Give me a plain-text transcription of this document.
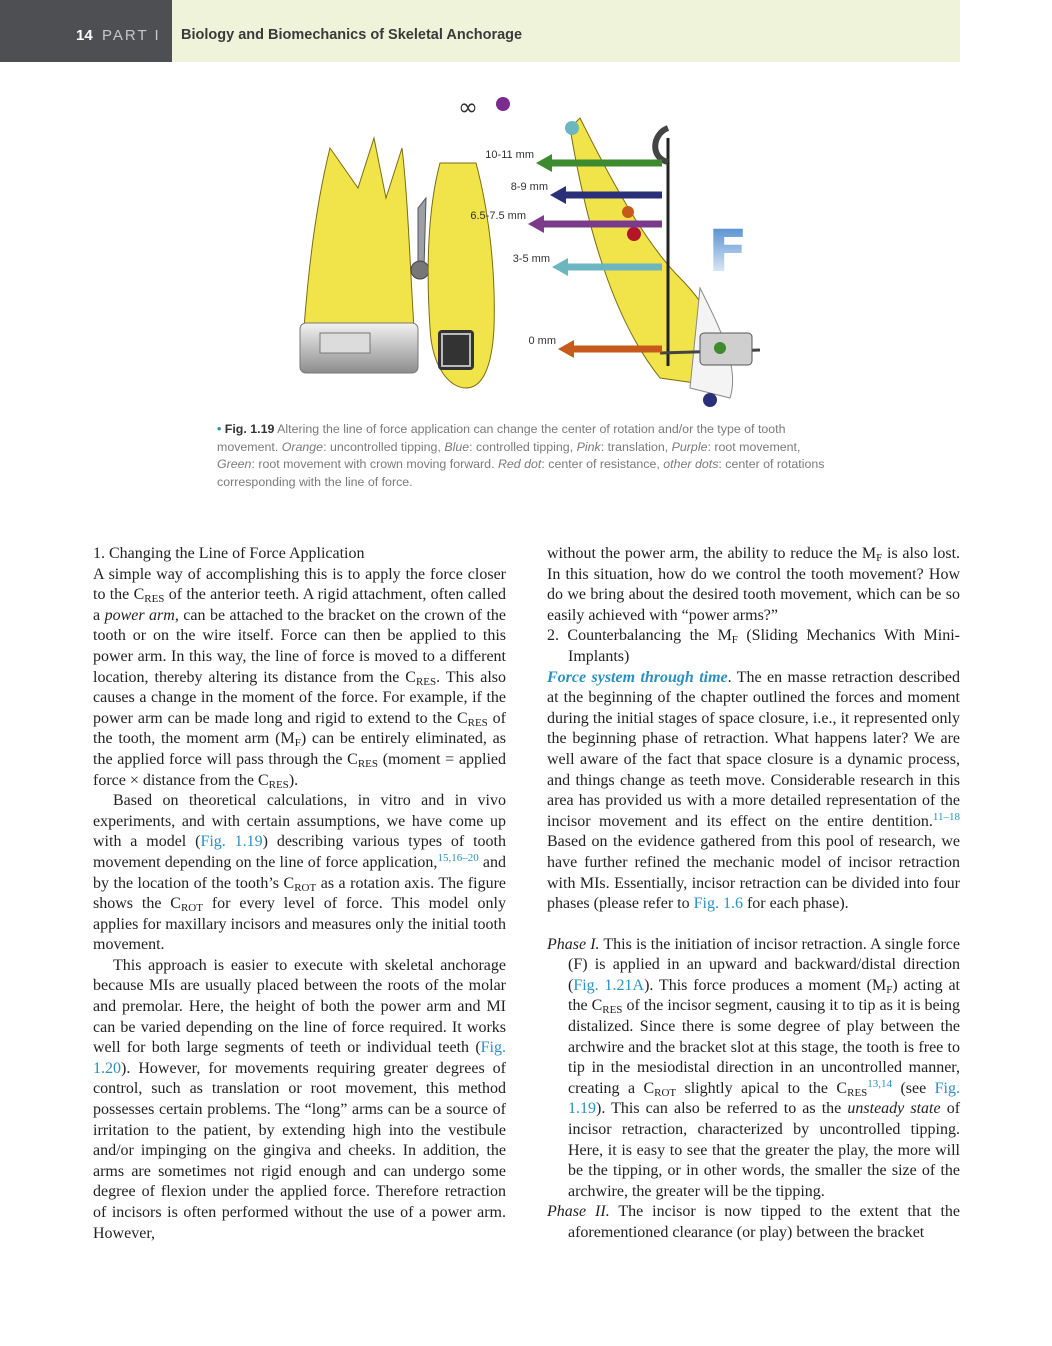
14 PART I Biology and Biomechanics of Skeletal Anchorage
∞
F
10-11 mm
8-9 mm
6.5-7.5 mm
3-5 mm
0 mm
• Fig. 1.19 Altering the line of force application can change the center of rotation and/or the type of tooth movement. Orange: uncontrolled tipping, Blue: controlled tipping, Pink: translation, Purple: root movement, Green: root movement with crown moving forward. Red dot: center of resistance, other dots: center of rotations corresponding with the line of force.

1. Changing the Line of Force Application

A simple way of accomplishing this is to apply the force closer to the $C_{RES}$ of the anterior teeth. A rigid attachment, often called a power arm, can be attached to the bracket on the crown of the tooth or on the wire itself. Force can then be applied to this power arm. In this way, the line of force is moved to a different location, thereby altering its distance from the $C_{RES}$. This also causes a change in the moment of the force. For example, if the power arm can be made long and rigid to extend to the $C_{RES}$ of the tooth, the moment arm $(M_F)$ can be entirely eliminated, as the applied force will pass through the $C_{RES}$ (moment = applied force × distance from the $C_{RES}$).

Based on theoretical calculations, in vitro and in vivo experiments, and with certain assumptions, we have come up with a model (Fig. 1.19) describing various types of tooth movement depending on the line of force application,$^{15,16-20}$ and by the location of the tooth’s $C_{ROT}$ as a rotation axis. The figure shows the $C_{ROT}$ for every level of force. This model only applies for maxillary incisors and measures only the initial tooth movement.

This approach is easier to execute with skeletal anchorage because MIs are usually placed between the roots of the molar and premolar. Here, the height of both the power arm and MI can be varied depending on the line of force required. It works well for both large segments of teeth or individual teeth (Fig. 1.20). However, for movements requiring greater degrees of control, such as translation or root movement, this method possesses certain problems. The “long” arms can be a source of irritation to the patient, by extending high into the vestibule and/or impinging on the gingiva and cheeks. In addition, the arms are sometimes not rigid enough and can undergo some degree of flexion under the applied force. Therefore retraction of incisors is often performed without the use of a power arm. However,

without the power arm, the ability to reduce the $M_F$ is also lost. In this situation, how do we control the tooth movement? How do we bring about the desired tooth movement, which can be so easily achieved with “power arms?”

2. Counterbalancing the $M_F$ (Sliding Mechanics With Mini-Implants)

Force system through time. The en masse retraction described at the beginning of the chapter outlined the forces and moment during the initial stages of space closure, i.e., it represented only the beginning phase of retraction. What happens later? We are well aware of the fact that space closure is a dynamic process, and things change as teeth move. Considerable research in this area has provided us with a more detailed representation of the incisor movement and its effect on the entire dentition.$^{11-18}$ Based on the evidence gathered from this pool of research, we have further refined the mechanic model of incisor retraction with MIs. Essentially, incisor retraction can be divided into four phases (please refer to Fig. 1.6 for each phase).

Phase I. This is the initiation of incisor retraction. A single force (F) is applied in an upward and backward/distal direction (Fig. 1.21A). This force produces a moment $(M_F)$ acting at the $C_{RES}$ of the incisor segment, causing it to tip as it is being distalized. Since there is some degree of play between the archwire and the bracket slot at this stage, the tooth is free to tip in the mesiodistal direction in an uncontrolled manner, creating a $C_{ROT}$ slightly apical to the $C_{RES}^{13,14}$ (see Fig. 1.19). This can also be referred to as the unsteady state of incisor retraction, characterized by uncontrolled tipping. Here, it is easy to see that the greater the play, the more will be the tipping, or in other words, the smaller the size of the archwire, the greater will be the tipping.

Phase II. The incisor is now tipped to the extent that the aforementioned clearance (or play) between the bracket
